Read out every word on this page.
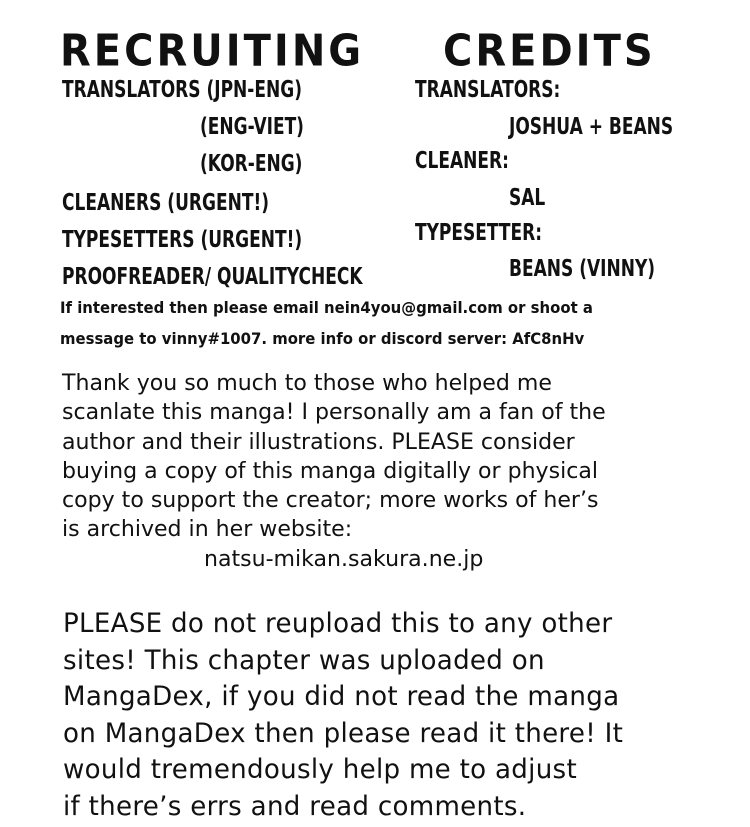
RECRUITING CREDITS
TRANSLATORS (JPN-ENG)
(ENG-VIET)
(KOR-ENG)
CLEANERS (URGENT!)
TYPESETTERS (URGENT!)
PROOFREADER/ QUALITYCHECK
TRANSLATORS:
JOSHUA + BEANS
CLEANER:
SAL
TYPESETTER:
BEANS (VINNY)
If interested then please email nein4you@gmail.com or shoot a
message to vinny#1007. more info or discord server: AfC8nHv
Thank you so much to those who helped me
scanlate this manga! I personally am a fan of the
author and their illustrations. PLEASE consider
buying a copy of this manga digitally or physical
copy to support the creator; more works of her’s
is archived in her website:
natsu-mikan.sakura.ne.jp
PLEASE do not reupload this to any other
sites! This chapter was uploaded on
MangaDex, if you did not read the manga
on MangaDex then please read it there! It
would tremendously help me to adjust
if there’s errs and read comments.
